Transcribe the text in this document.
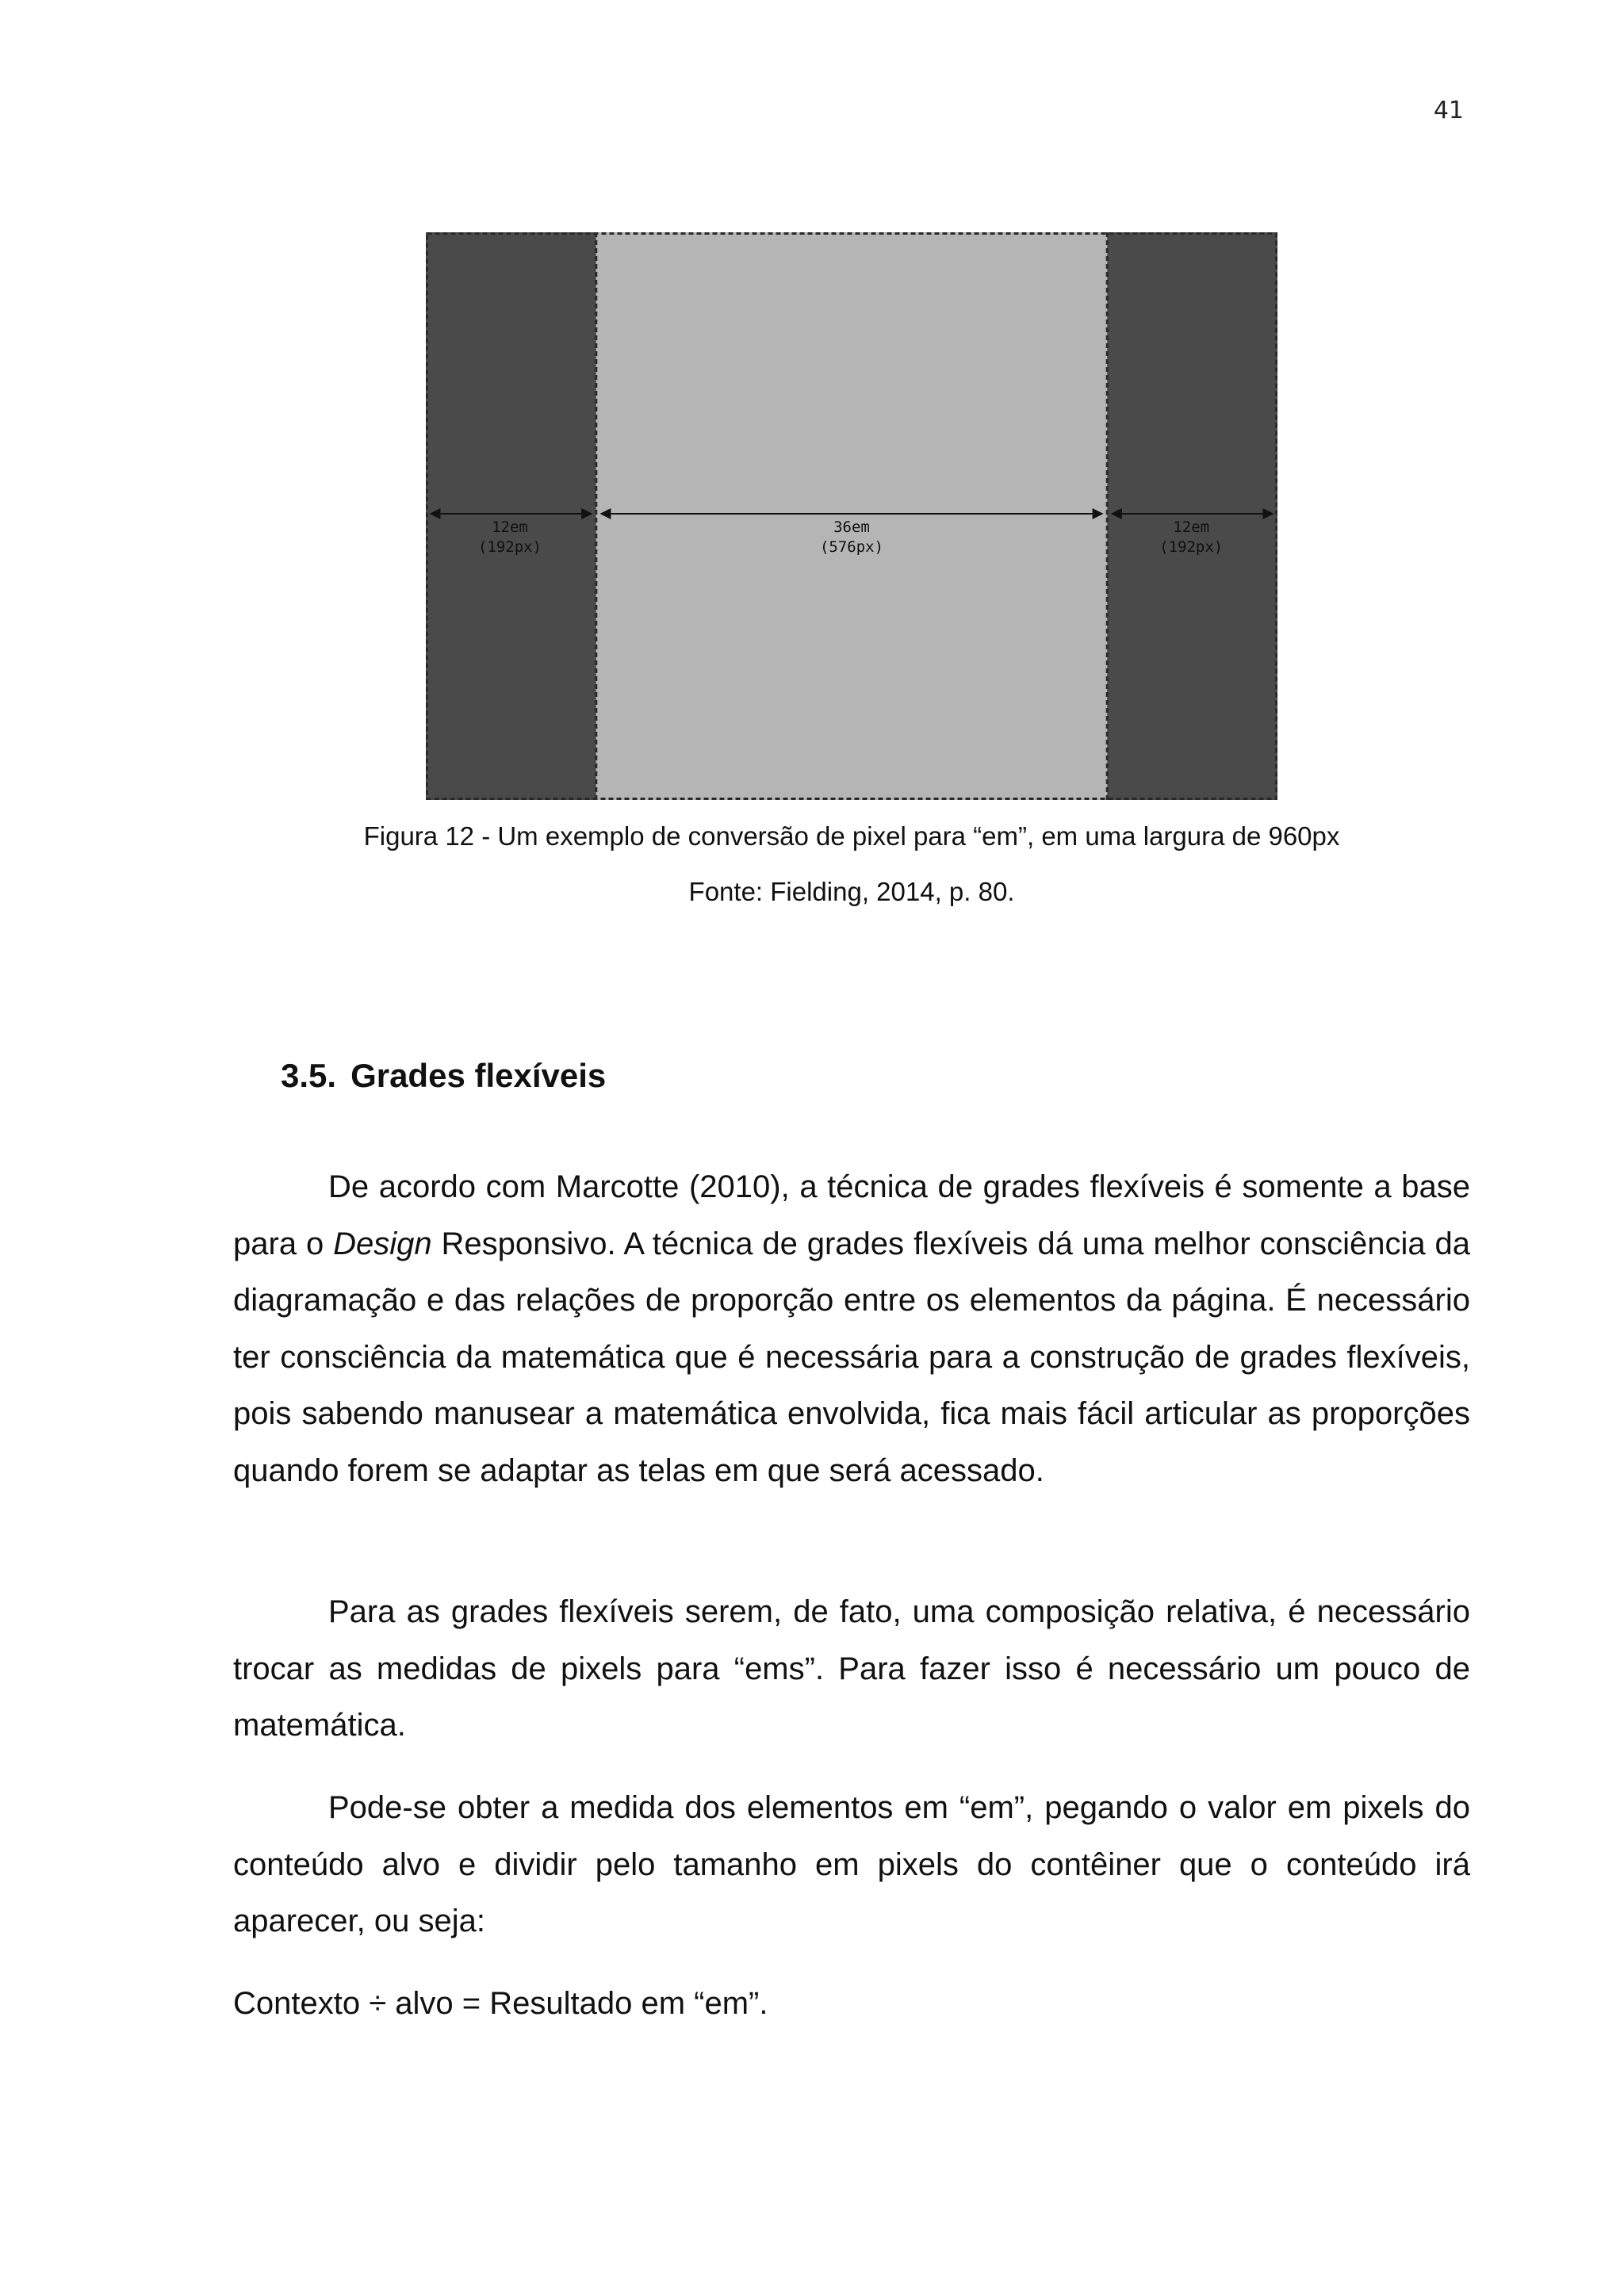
41
12em
(192px)
36em
(576px)
12em
(192px)
Figura 12 - Um exemplo de conversão de pixel para “em”, em uma largura de 960px
Fonte: Fielding, 2014, p. 80.
3.5. Grades flexíveis

De acordo com Marcotte (2010), a técnica de grades flexíveis é somente a base para o Design Responsivo. A técnica de grades flexíveis dá uma melhor consciência da diagramação e das relações de proporção entre os elementos da página. É necessário ter consciência da matemática que é necessária para a construção de grades flexíveis, pois sabendo manusear a matemática envolvida, fica mais fácil articular as proporções quando forem se adaptar as telas em que será acessado.

Para as grades flexíveis serem, de fato, uma composição relativa, é necessário trocar as medidas de pixels para “ems”. Para fazer isso é necessário um pouco de matemática.

Pode-se obter a medida dos elementos em “em”, pegando o valor em pixels do conteúdo alvo e dividir pelo tamanho em pixels do contêiner que o conteúdo irá aparecer, ou seja:

Contexto ÷ alvo = Resultado em “em”.
